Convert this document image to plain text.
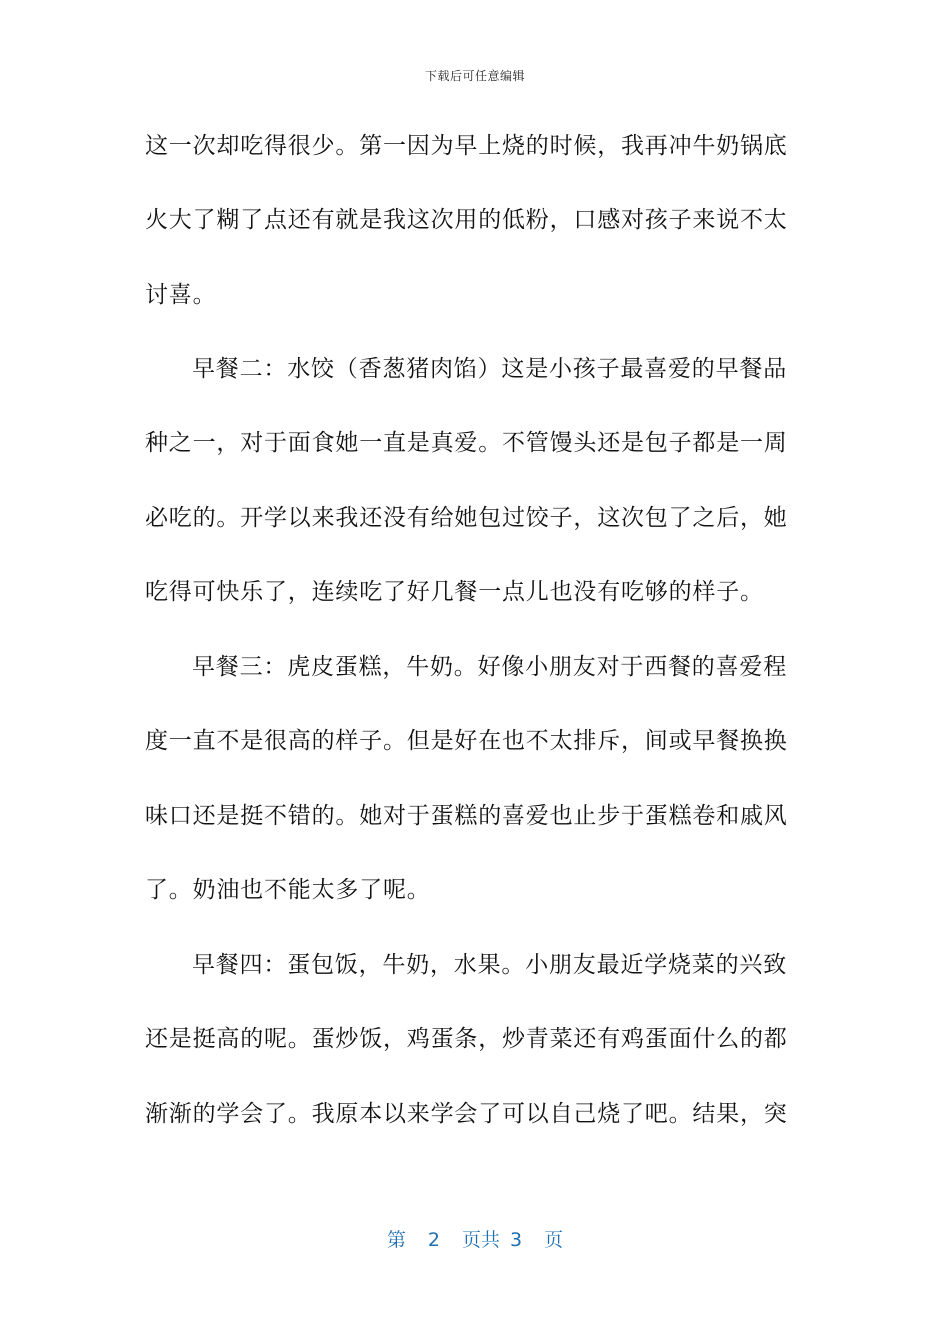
下载后可任意编辑
这一次却吃得很少。第一因为早上烧的时候，我再冲牛奶锅底
火大了糊了点还有就是我这次用的低粉，口感对孩子来说不太
讨喜。
早餐二：水饺（香葱猪肉馅）这是小孩子最喜爱的早餐品
种之一，对于面食她一直是真爱。不管馒头还是包子都是一周
必吃的。开学以来我还没有给她包过饺子，这次包了之后，她
吃得可快乐了，连续吃了好几餐一点儿也没有吃够的样子。
早餐三：虎皮蛋糕，牛奶。好像小朋友对于西餐的喜爱程
度一直不是很高的样子。但是好在也不太排斥，间或早餐换换
味口还是挺不错的。她对于蛋糕的喜爱也止步于蛋糕卷和戚风
了。奶油也不能太多了呢。
早餐四：蛋包饭，牛奶，水果。小朋友最近学烧菜的兴致
还是挺高的呢。蛋炒饭，鸡蛋条，炒青菜还有鸡蛋面什么的都
渐渐的学会了。我原本以来学会了可以自己烧了吧。结果，突
第 2 页共 3 页
